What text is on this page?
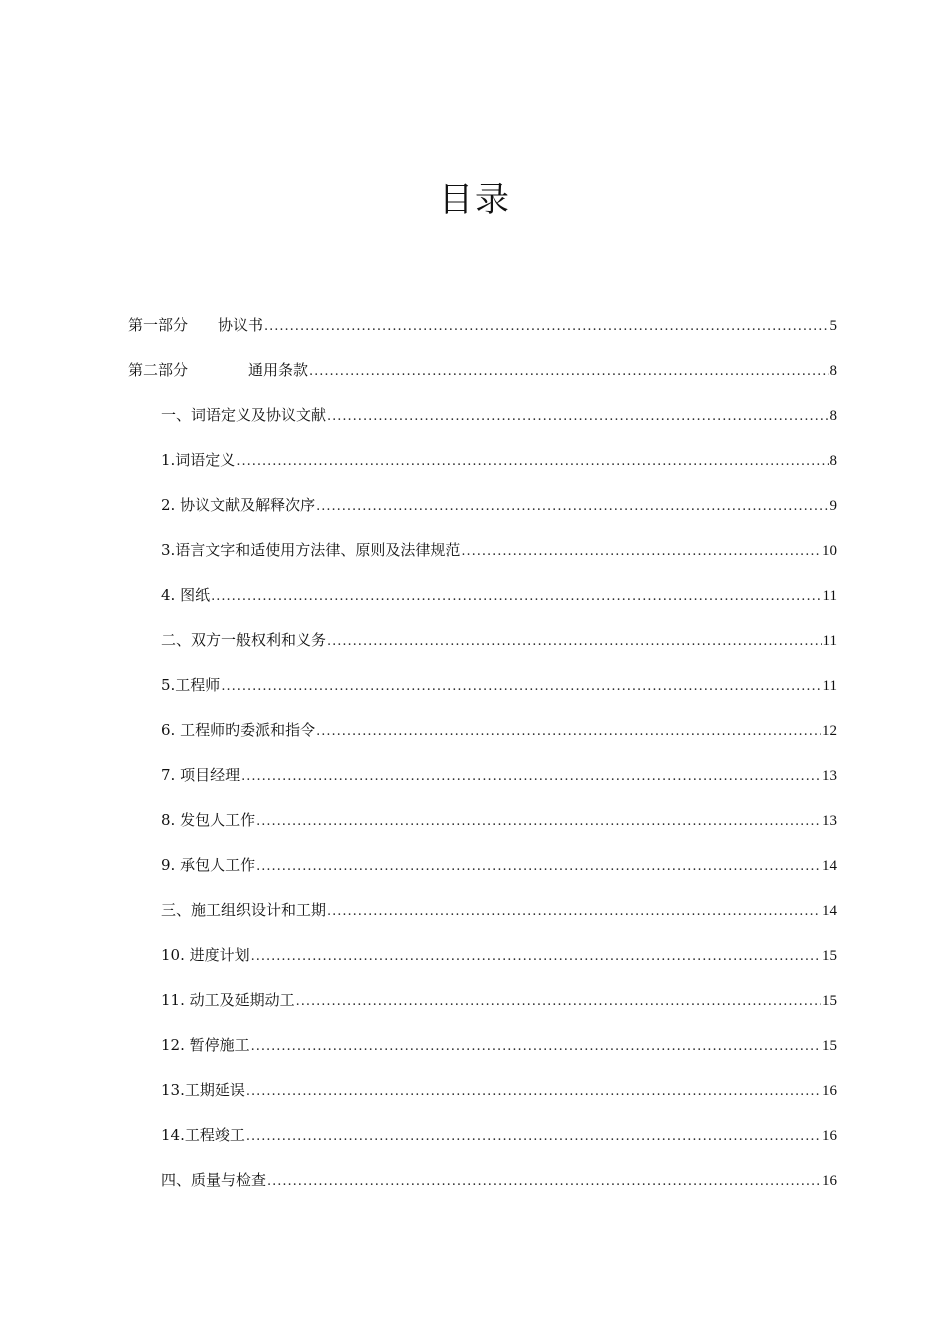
目录
第一部分　　协议书 .....	5
第二部分　　　　通用条款 .....	8
一、词语定义及协议文献 .....	8
1.词语定义 .....	8
2. 协议文献及解释次序 .....	9
3.语言文字和适使用方法律、原则及法律规范 .....	10
4. 图纸 .....	11
二、双方一般权利和义务 .....	11
5.工程师 .....	11
6. 工程师旳委派和指令 .....	12
7. 项目经理 .....	13
8. 发包人工作 .....	13
9. 承包人工作 .....	14
三、施工组织设计和工期 .....	14
10. 进度计划 .....	15
11. 动工及延期动工 .....	15
12. 暂停施工 .....	15
13.工期延误 .....	16
14.工程竣工 .....	16
四、质量与检查 .....	16
